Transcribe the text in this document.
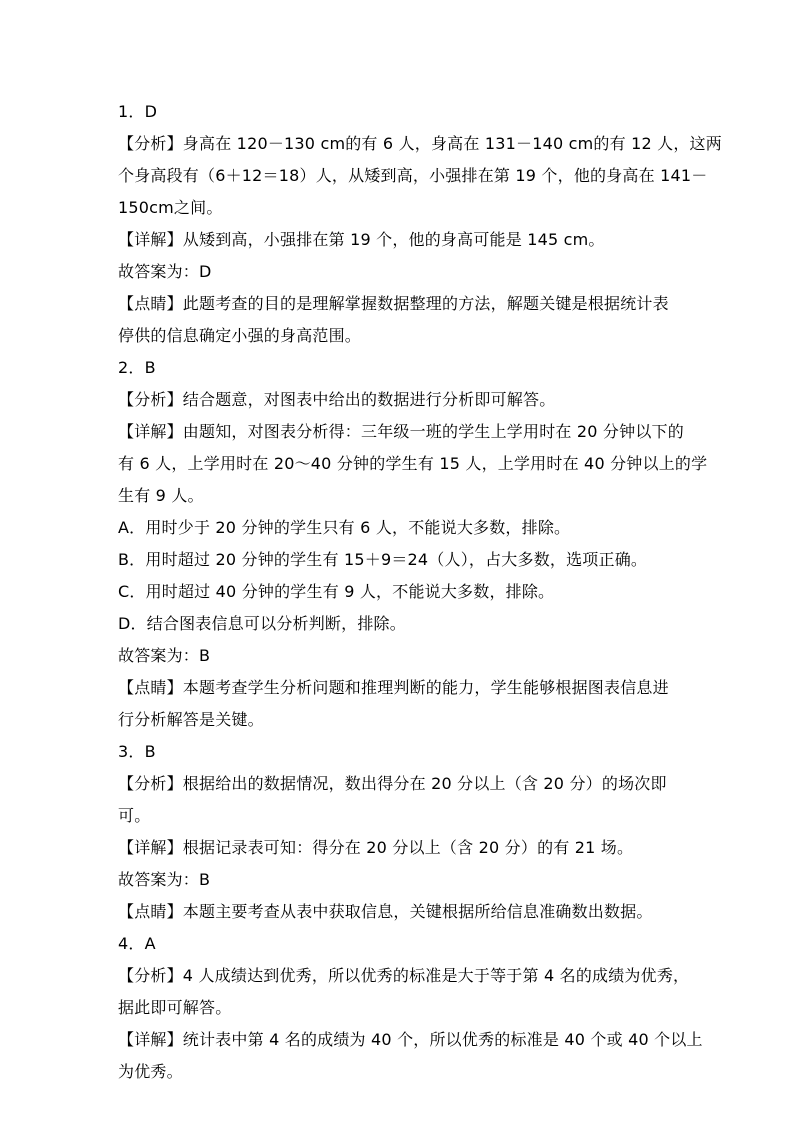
1．D
【分析】身高在 120－130 cm的有 6 人，身高在 131－140 cm的有 12 人，这两
个身高段有（6＋12＝18）人，从矮到高，小强排在第 19 个，他的身高在 141－
150cm之间。
【详解】从矮到高，小强排在第 19 个，他的身高可能是 145 cm。
故答案为：D
【点睛】此题考查的目的是理解掌握数据整理的方法，解题关键是根据统计表
停供的信息确定小强的身高范围。
2．B
【分析】结合题意，对图表中给出的数据进行分析即可解答。
【详解】由题知，对图表分析得：三年级一班的学生上学用时在 20 分钟以下的
有 6 人，上学用时在 20～40 分钟的学生有 15 人，上学用时在 40 分钟以上的学
生有 9 人。
A．用时少于 20 分钟的学生只有 6 人，不能说大多数，排除。
B．用时超过 20 分钟的学生有 15＋9＝24（人），占大多数，选项正确。
C．用时超过 40 分钟的学生有 9 人，不能说大多数，排除。
D．结合图表信息可以分析判断，排除。
故答案为：B
【点睛】本题考查学生分析问题和推理判断的能力，学生能够根据图表信息进
行分析解答是关键。
3．B
【分析】根据给出的数据情况，数出得分在 20 分以上（含 20 分）的场次即
可。
【详解】根据记录表可知：得分在 20 分以上（含 20 分）的有 21 场。
故答案为：B
【点睛】本题主要考查从表中获取信息，关键根据所给信息准确数出数据。
4．A
【分析】4 人成绩达到优秀，所以优秀的标准是大于等于第 4 名的成绩为优秀，
据此即可解答。
【详解】统计表中第 4 名的成绩为 40 个，所以优秀的标准是 40 个或 40 个以上
为优秀。
